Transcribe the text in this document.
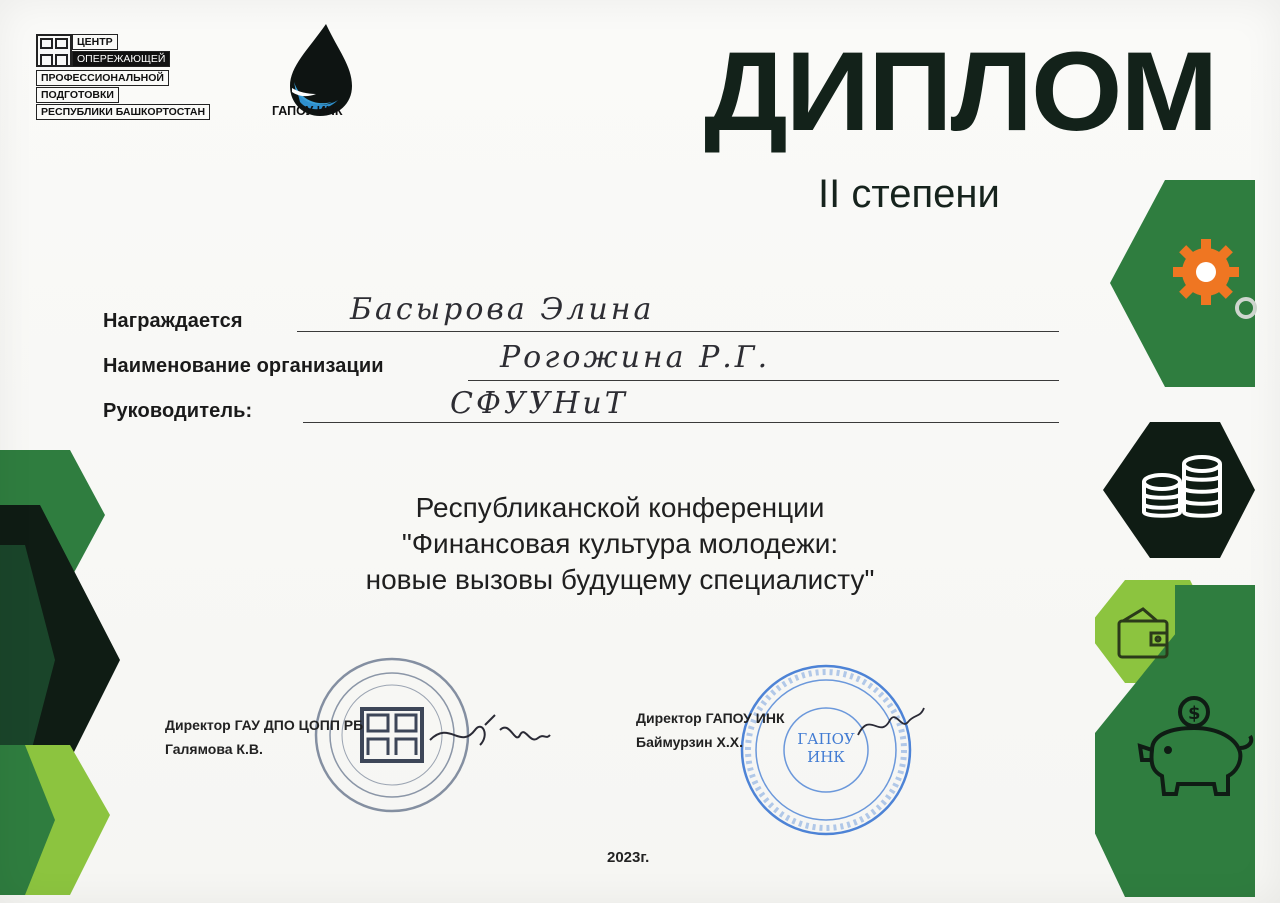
ЦЕНТР
ОПЕРЕЖАЮЩЕЙ
ПРОФЕССИОНАЛЬНОЙ
ПОДГОТОВКИ
РЕСПУБЛИКИ БАШКОРТОСТАН	ГАПОУ ИНК	ДИПЛОМ
II степени
Награждается	Басырова Элина
Наименование организации	Рогожина Р.Г.
Руководитель:	СФУУНиТ
Республиканской конференции
"Финансовая культура молодежи:
новые вызовы будущему специалисту"
Директор ГАУ ДПО ЦОПП РБ
Галямова К.В.
ГАПОУ ИНК
Директор ГАПОУ ИНК
Баймурзин Х.Х.
2023г.
$
